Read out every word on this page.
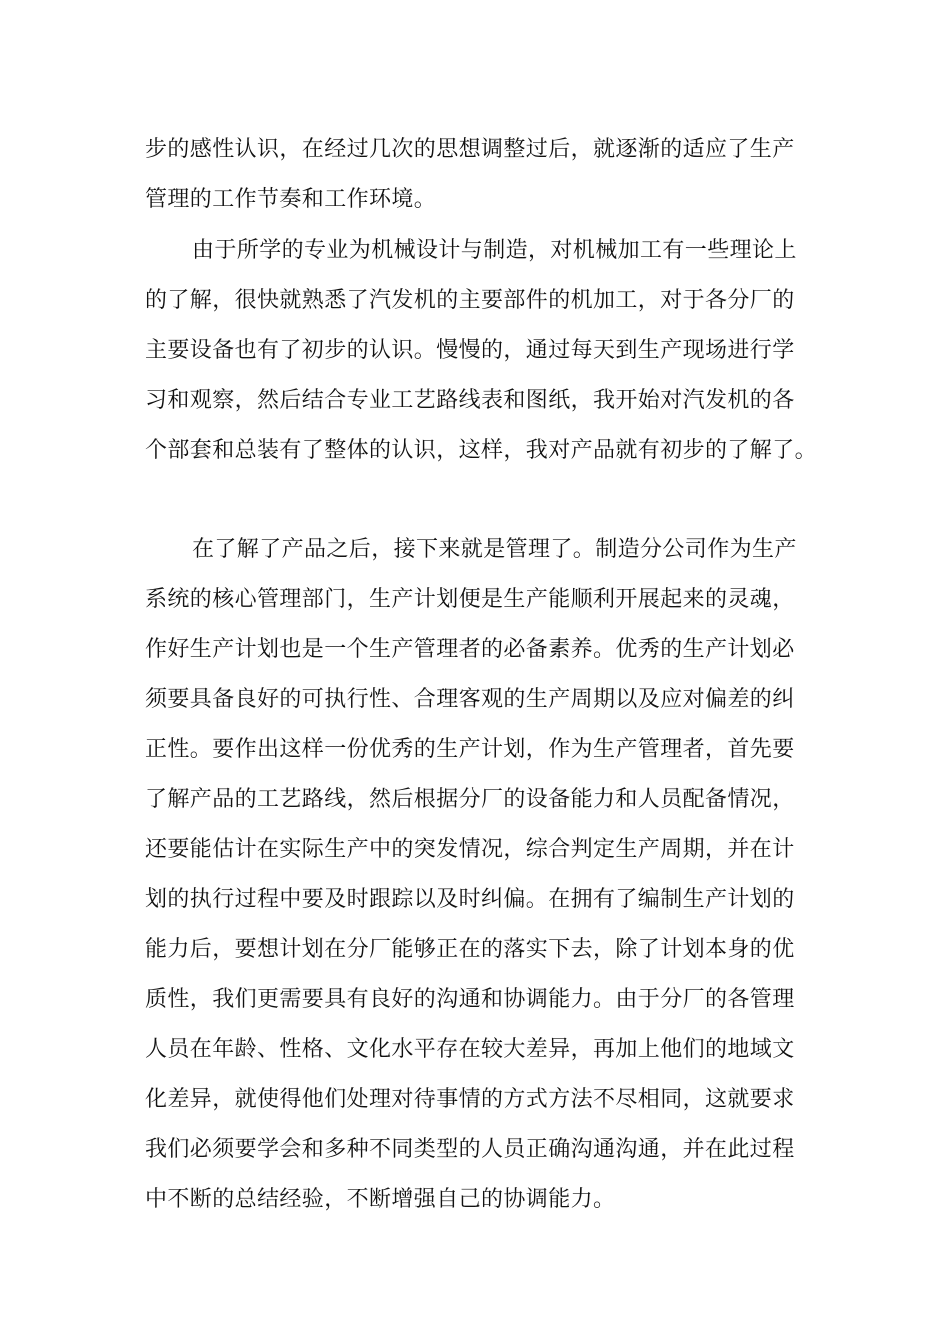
步的感性认识，在经过几次的思想调整过后，就逐渐的适应了生产
管理的工作节奏和工作环境。
由于所学的专业为机械设计与制造，对机械加工有一些理论上
的了解，很快就熟悉了汽发机的主要部件的机加工，对于各分厂的
主要设备也有了初步的认识。慢慢的，通过每天到生产现场进行学
习和观察，然后结合专业工艺路线表和图纸，我开始对汽发机的各
个部套和总装有了整体的认识，这样，我对产品就有初步的了解了。
在了解了产品之后，接下来就是管理了。制造分公司作为生产
系统的核心管理部门，生产计划便是生产能顺利开展起来的灵魂，
作好生产计划也是一个生产管理者的必备素养。优秀的生产计划必
须要具备良好的可执行性、合理客观的生产周期以及应对偏差的纠
正性。要作出这样一份优秀的生产计划，作为生产管理者，首先要
了解产品的工艺路线，然后根据分厂的设备能力和人员配备情况，
还要能估计在实际生产中的突发情况，综合判定生产周期，并在计
划的执行过程中要及时跟踪以及时纠偏。在拥有了编制生产计划的
能力后，要想计划在分厂能够正在的落实下去，除了计划本身的优
质性，我们更需要具有良好的沟通和协调能力。由于分厂的各管理
人员在年龄、性格、文化水平存在较大差异，再加上他们的地域文
化差异，就使得他们处理对待事情的方式方法不尽相同，这就要求
我们必须要学会和多种不同类型的人员正确沟通沟通，并在此过程
中不断的总结经验，不断增强自己的协调能力。
